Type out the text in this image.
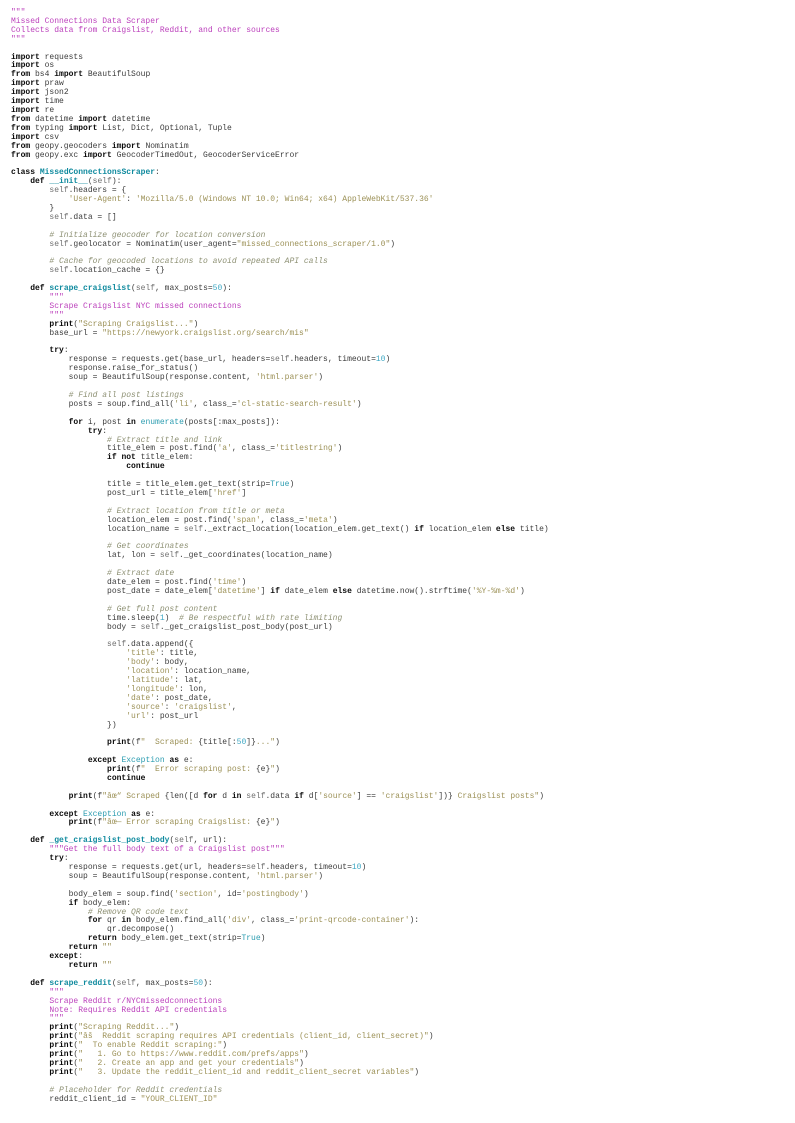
"""
Missed Connections Data Scraper
Collects data from Craigslist, Reddit, and other sources
"""

import requests
import os
from bs4 import BeautifulSoup
import praw
import json2
import time
import re
from datetime import datetime
from typing import List, Dict, Optional, Tuple
import csv
from geopy.geocoders import Nominatim
from geopy.exc import GeocoderTimedOut, GeocoderServiceError

class MissedConnectionsScraper:
def __init__(self):
self.headers = {
'User-Agent': 'Mozilla/5.0 (Windows NT 10.0; Win64; x64) AppleWebKit/537.36'
}
self.data = []

# Initialize geocoder for location conversion
self.geolocator = Nominatim(user_agent="missed_connections_scraper/1.0")

# Cache for geocoded locations to avoid repeated API calls
self.location_cache = {}

def scrape_craigslist(self, max_posts=50):
"""
Scrape Craigslist NYC missed connections
"""
print("Scraping Craigslist...")
base_url = "https://newyork.craigslist.org/search/mis"

try:
response = requests.get(base_url, headers=self.headers, timeout=10)
response.raise_for_status()
soup = BeautifulSoup(response.content, 'html.parser')

# Find all post listings
posts = soup.find_all('li', class_='cl-static-search-result')

for i, post in enumerate(posts[:max_posts]):
try:
# Extract title and link
title_elem = post.find('a', class_='titlestring')
if not title_elem:
continue

title = title_elem.get_text(strip=True)
post_url = title_elem['href']

# Extract location from title or meta
location_elem = post.find('span', class_='meta')
location_name = self._extract_location(location_elem.get_text() if location_elem else title)

# Get coordinates
lat, lon = self._get_coordinates(location_name)

# Extract date
date_elem = post.find('time')
post_date = date_elem['datetime'] if date_elem else datetime.now().strftime('%Y-%m-%d')

# Get full post content
time.sleep(1)  # Be respectful with rate limiting
body = self._get_craigslist_post_body(post_url)

self.data.append({
'title': title,
'body': body,
'location': location_name,
'latitude': lat,
'longitude': lon,
'date': post_date,
'source': 'craigslist',
'url': post_url
})

print(f"  Scraped: {title[:50]}...")

except Exception as e:
print(f"  Error scraping post: {e}")
continue

print(f"âœ“ Scraped {len([d for d in self.data if d['source'] == 'craigslist'])} Craigslist posts")

except Exception as e:
print(f"âœ— Error scraping Craigslist: {e}")

def _get_craigslist_post_body(self, url):
"""Get the full body text of a Craigslist post"""
try:
response = requests.get(url, headers=self.headers, timeout=10)
soup = BeautifulSoup(response.content, 'html.parser')

body_elem = soup.find('section', id='postingbody')
if body_elem:
# Remove QR code text
for qr in body_elem.find_all('div', class_='print-qrcode-container'):
qr.decompose()
return body_elem.get_text(strip=True)
return ""
except:
return ""

def scrape_reddit(self, max_posts=50):
"""
Scrape Reddit r/NYCmissedconnections
Note: Requires Reddit API credentials
"""
print("Scraping Reddit...")
print("âš  Reddit scraping requires API credentials (client_id, client_secret)")
print("  To enable Reddit scraping:")
print("   1. Go to https://www.reddit.com/prefs/apps")
print("   2. Create an app and get your credentials")
print("   3. Update the reddit_client_id and reddit_client_secret variables")

# Placeholder for Reddit credentials
reddit_client_id = "YOUR_CLIENT_ID"
